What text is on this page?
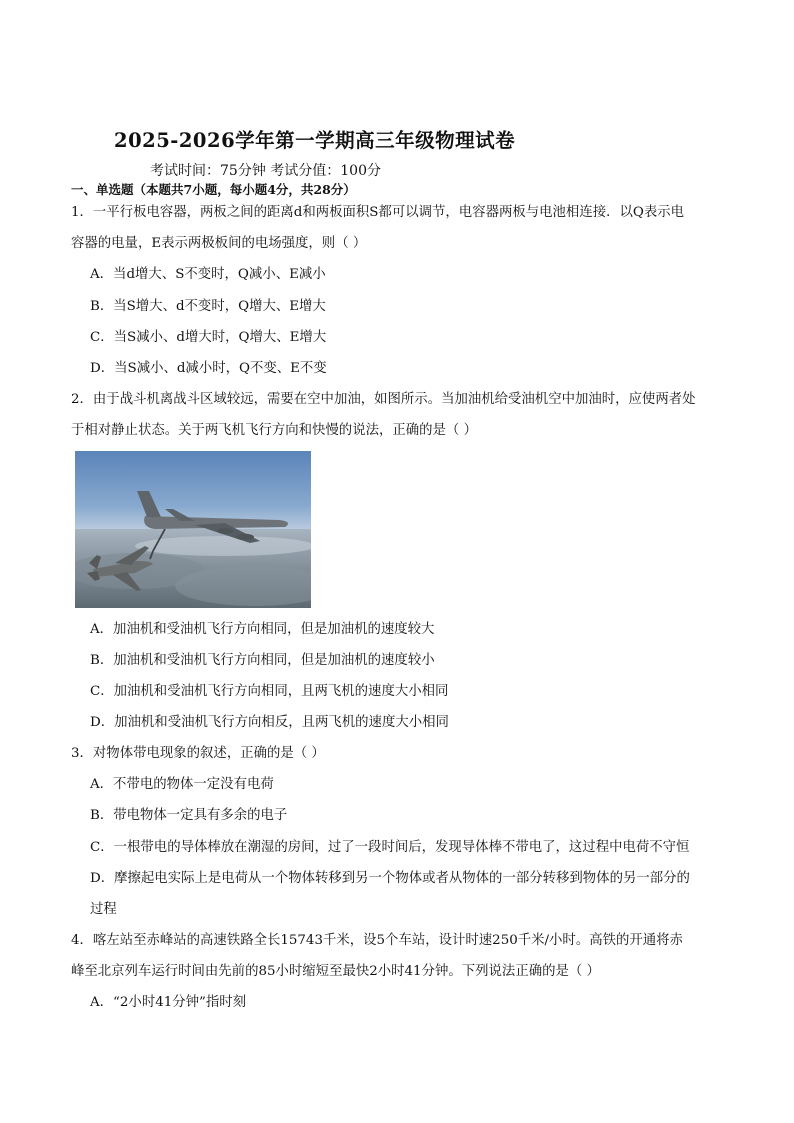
2025-2026学年第一学期高三年级物理试卷
考试时间：75分钟 考试分值：100分
一、单选题（本题共7小题，每小题4分，共28分）
1．一平行板电容器，两板之间的距离d和两板面积S都可以调节，电容器两板与电池相连接．以Q表示电
容器的电量，E表示两极板间的电场强度，则（ ）
A．当d增大、S不变时，Q减小、E减小
B．当S增大、d不变时，Q增大、E增大
C．当S减小、d增大时，Q增大、E增大
D．当S减小、d减小时，Q不变、E不变
2．由于战斗机离战斗区域较远，需要在空中加油，如图所示。当加油机给受油机空中加油时，应使两者处
于相对静止状态。关于两飞机飞行方向和快慢的说法，正确的是（ ）
A．加油机和受油机飞行方向相同，但是加油机的速度较大
B．加油机和受油机飞行方向相同，但是加油机的速度较小
C．加油机和受油机飞行方向相同，且两飞机的速度大小相同
D．加油机和受油机飞行方向相反，且两飞机的速度大小相同
3．对物体带电现象的叙述，正确的是（ ）
A．不带电的物体一定没有电荷
B．带电物体一定具有多余的电子
C．一根带电的导体棒放在潮湿的房间，过了一段时间后，发现导体棒不带电了，这过程中电荷不守恒
D．摩擦起电实际上是电荷从一个物体转移到另一个物体或者从物体的一部分转移到物体的另一部分的
过程
4．喀左站至赤峰站的高速铁路全长15743千米，设5个车站，设计时速250千米/小时。高铁的开通将赤
峰至北京列车运行时间由先前的85小时缩短至最快2小时41分钟。下列说法正确的是（ ）
A．“2小时41分钟”指时刻
